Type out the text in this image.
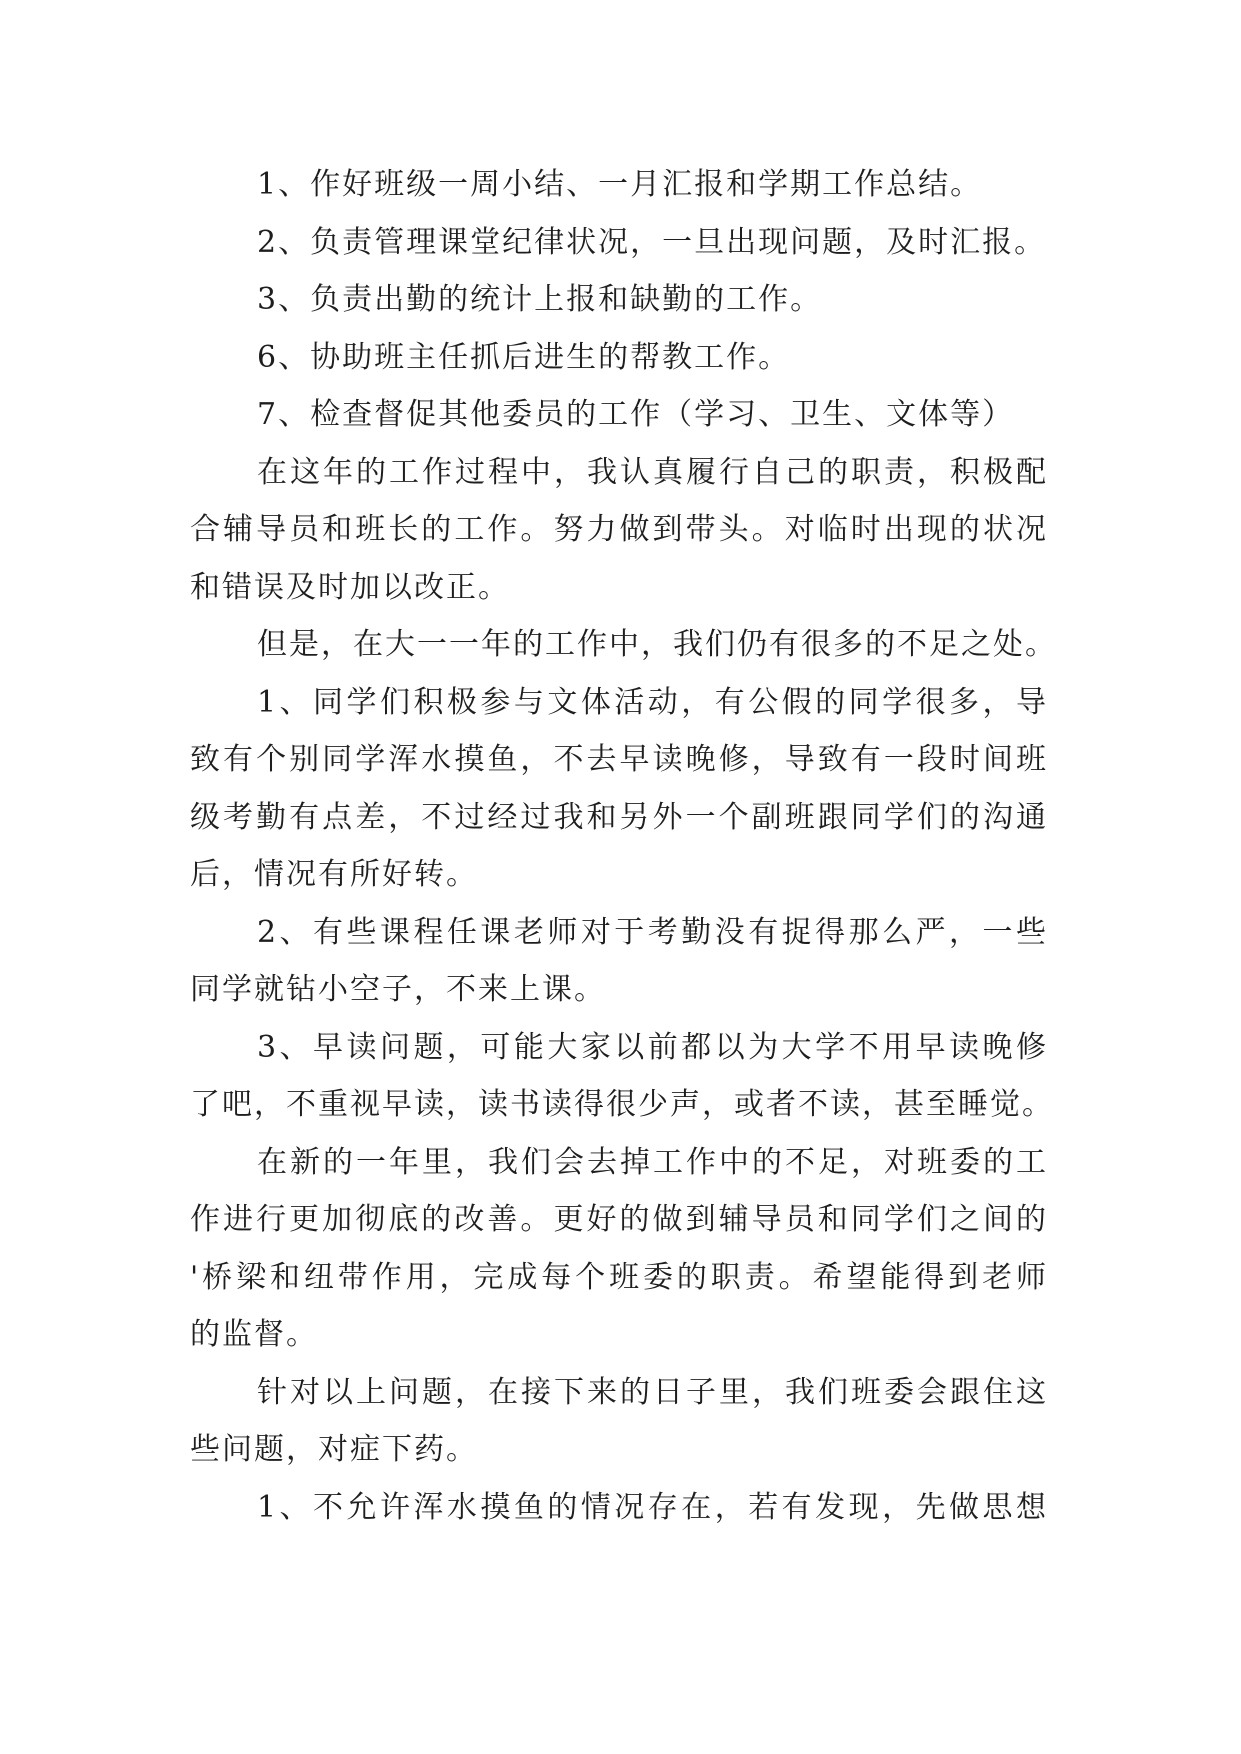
1、作好班级一周小结、一月汇报和学期工作总结。
2、负责管理课堂纪律状况，一旦出现问题，及时汇报。
3、负责出勤的统计上报和缺勤的工作。
6、协助班主任抓后进生的帮教工作。
7、检查督促其他委员的工作（学习、卫生、文体等）
在这年的工作过程中，我认真履行自己的职责，积极配
合辅导员和班长的工作。努力做到带头。对临时出现的状况
和错误及时加以改正。
但是，在大一一年的工作中，我们仍有很多的不足之处。
1、同学们积极参与文体活动，有公假的同学很多，导
致有个别同学浑水摸鱼，不去早读晚修，导致有一段时间班
级考勤有点差，不过经过我和另外一个副班跟同学们的沟通
后，情况有所好转。
2、有些课程任课老师对于考勤没有捉得那么严，一些
同学就钻小空子，不来上课。
3、早读问题，可能大家以前都以为大学不用早读晚修
了吧，不重视早读，读书读得很少声，或者不读，甚至睡觉。
在新的一年里，我们会去掉工作中的不足，对班委的工
作进行更加彻底的改善。更好的做到辅导员和同学们之间的
'桥梁和纽带作用，完成每个班委的职责。希望能得到老师
的监督。
针对以上问题，在接下来的日子里，我们班委会跟住这
些问题，对症下药。
1、不允许浑水摸鱼的情况存在，若有发现，先做思想
